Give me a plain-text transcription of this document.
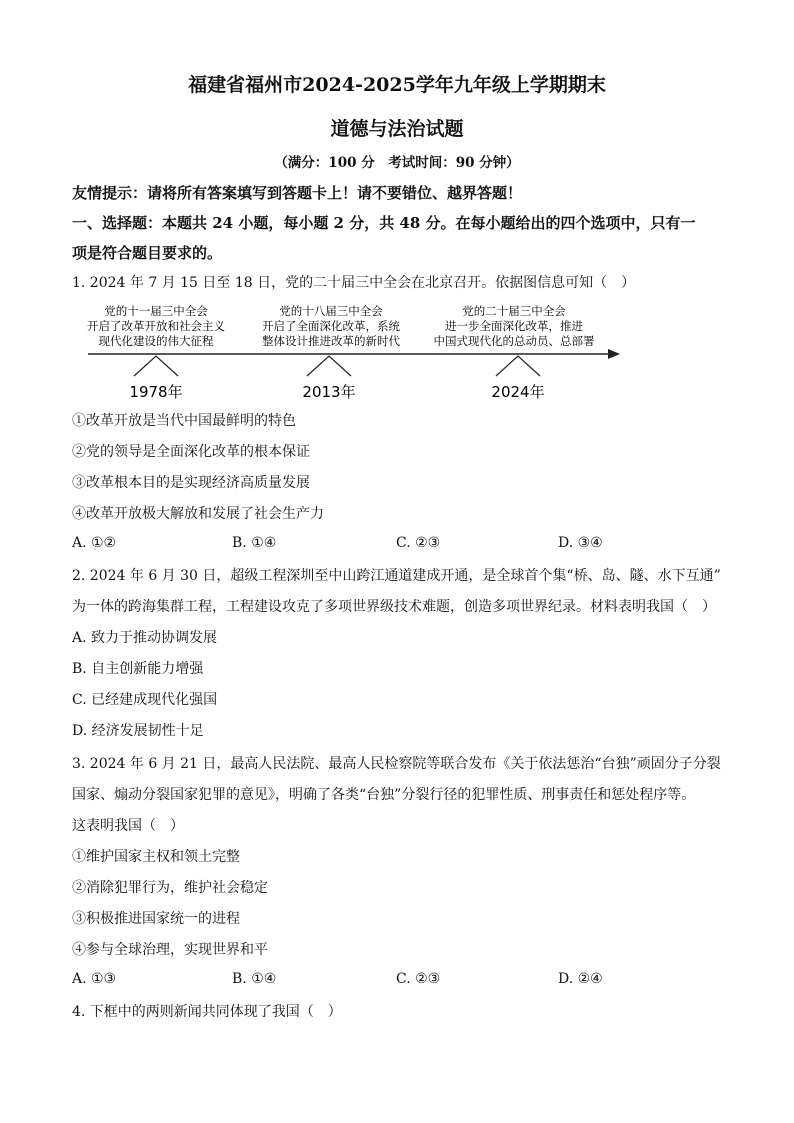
福建省福州市2024-2025学年九年级上学期期末
道德与法治试题
（满分：100 分　考试时间：90 分钟）
友情提示：请将所有答案填写到答题卡上！请不要错位、越界答题！
一、选择题：本题共 24 小题，每小题 2 分，共 48 分。在每小题给出的四个选项中，只有一
项是符合题目要求的。
1. 2024 年 7 月 15 日至 18 日，党的二十届三中全会在北京召开。依据图信息可知（　）
党的十一届三中全会
开启了改革开放和社会主义
现代化建设的伟大征程
党的十八届三中全会
开启了全面深化改革，系统
整体设计推进改革的新时代
党的二十届三中全会
进一步全面深化改革，推进
中国式现代化的总动员、总部署
1978年	2013年	2024年
①改革开放是当代中国最鲜明的特色
②党的领导是全面深化改革的根本保证
③改革根本目的是实现经济高质量发展
④改革开放极大解放和发展了社会生产力
A. ①②	B. ①④	C. ②③	D. ③④
2. 2024 年 6 月 30 日，超级工程深圳至中山跨江通道建成开通，是全球首个集“桥、岛、隧、水下互通”
为一体的跨海集群工程，工程建设攻克了多项世界级技术难题，创造多项世界纪录。材料表明我国（　）
A. 致力于推动协调发展
B. 自主创新能力增强
C. 已经建成现代化强国
D. 经济发展韧性十足
3. 2024 年 6 月 21 日，最高人民法院、最高人民检察院等联合发布《关于依法惩治“台独”顽固分子分裂
国家、煽动分裂国家犯罪的意见》，明确了各类“台独”分裂行径的犯罪性质、刑事责任和惩处程序等。
这表明我国（　）
①维护国家主权和领土完整
②消除犯罪行为，维护社会稳定
③积极推进国家统一的进程
④参与全球治理，实现世界和平
A. ①③	B. ①④	C. ②③	D. ②④
4. 下框中的两则新闻共同体现了我国（　）
